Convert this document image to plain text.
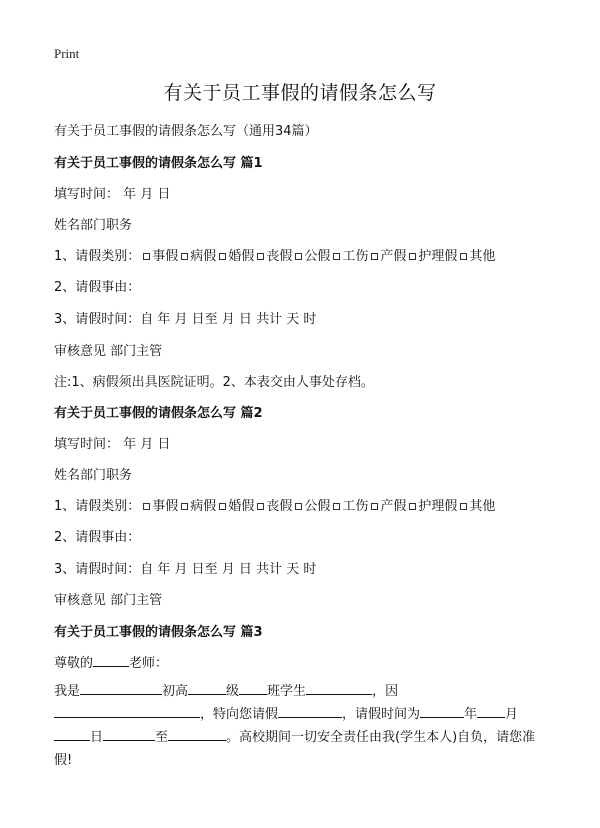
Print
有关于员工事假的请假条怎么写
有关于员工事假的请假条怎么写（通用34篇）
有关于员工事假的请假条怎么写 篇1
填写时间： 年 月 日
姓名部门职务
1、请假类别： 事假 病假 婚假 丧假 公假 工伤 产假 护理假 其他
2、请假事由：
3、请假时间：自 年 月 日至 月 日 共计 天 时
审核意见 部门主管
注:1、病假须出具医院证明。2、本表交由人事处存档。
有关于员工事假的请假条怎么写 篇2
填写时间： 年 月 日
姓名部门职务
1、请假类别： 事假 病假 婚假 丧假 公假 工伤 产假 护理假 其他
2、请假事由：
3、请假时间：自 年 月 日至 月 日 共计 天 时
审核意见 部门主管
有关于员工事假的请假条怎么写 篇3
尊敬的	老师：
我是	初高	级 班学生	，因
，特向您请假	，请假时间为	年 月
日	至	。高校期间一切安全责任由我(学生本人)自负，请您准假!
